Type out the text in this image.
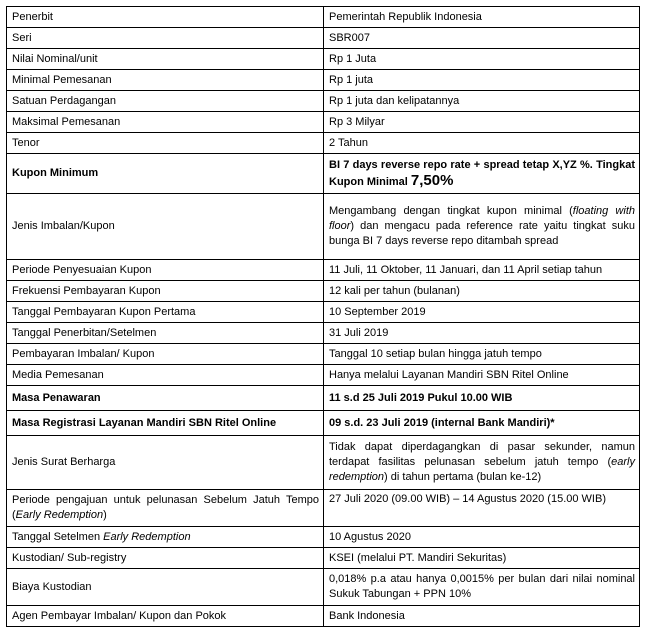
Penerbit	Pemerintah Republik Indonesia
Seri	SBR007
Nilai Nominal/unit	Rp 1 Juta
Minimal Pemesanan	Rp 1 juta
Satuan Perdagangan	Rp 1 juta dan kelipatannya
Maksimal Pemesanan	Rp 3 Milyar
Tenor	2 Tahun
Kupon Minimum	BI 7 days reverse repo rate + spread tetap X,YZ %. Tingkat Kupon Minimal 7,50%
Jenis Imbalan/Kupon	Mengambang dengan tingkat kupon minimal (floating with floor) dan mengacu pada reference rate yaitu tingkat suku bunga BI 7 days reverse repo ditambah spread
Periode Penyesuaian Kupon	11 Juli, 11 Oktober, 11 Januari, dan 11 April setiap tahun
Frekuensi Pembayaran Kupon	12 kali per tahun (bulanan)
Tanggal Pembayaran Kupon Pertama	10 September 2019
Tanggal Penerbitan/Setelmen	31 Juli 2019
Pembayaran Imbalan/ Kupon	Tanggal 10 setiap bulan hingga jatuh tempo
Media Pemesanan	Hanya melalui Layanan Mandiri SBN Ritel Online
Masa Penawaran	11 s.d 25 Juli 2019 Pukul 10.00 WIB
Masa Registrasi Layanan Mandiri SBN Ritel Online	09 s.d. 23 Juli 2019 (internal Bank Mandiri)*
Jenis Surat Berharga	Tidak dapat diperdagangkan di pasar sekunder, namun terdapat fasilitas pelunasan sebelum jatuh tempo (early redemption) di tahun pertama (bulan ke-12)
Periode pengajuan untuk pelunasan Sebelum Jatuh Tempo (Early Redemption)	27 Juli 2020 (09.00 WIB) – 14 Agustus 2020 (15.00 WIB)
Tanggal Setelmen Early Redemption	10 Agustus 2020
Kustodian/ Sub-registry	KSEI (melalui PT. Mandiri Sekuritas)
Biaya Kustodian	0,018% p.a atau hanya 0,0015% per bulan dari nilai nominal Sukuk Tabungan + PPN 10%
Agen Pembayar Imbalan/ Kupon dan Pokok	Bank Indonesia
